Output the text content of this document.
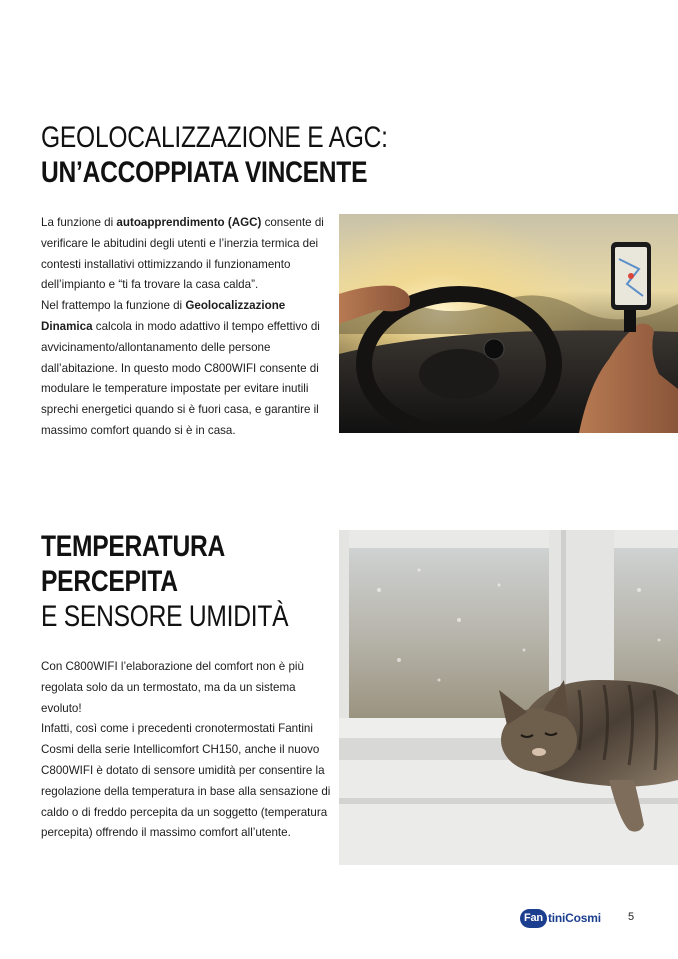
GEOLOCALIZZAZIONE E AGC:
UN’ACCOPPIATA VINCENTE

La funzione di autoapprendimento (AGC) consente di verificare le abitudini degli utenti e l’inerzia termica dei contesti installativi ottimizzando il funzionamento dell’impianto e “ti fa trovare la casa calda”.

Nel frattempo la funzione di Geolocalizzazione Dinamica calcola in modo adattivo il tempo effettivo di avvicinamento/allontanamento delle persone dall’abitazione. In questo modo C800WIFI consente di modulare le temperature impostate per evitare inutili sprechi energetici quando si è fuori casa, e garantire il massimo comfort quando si è in casa.

TEMPERATURA
PERCEPITA
E SENSORE UMIDITÀ

Con C800WIFI l’elaborazione del comfort non è più regolata solo da un termostato, ma da un sistema evoluto!

Infatti, così come i precedenti cronotermostati Fantini Cosmi della serie Intellicomfort CH150, anche il nuovo C800WIFI è dotato di sensore umidità per consentire la regolazione della temperatura in base alla sensazione di caldo o di freddo percepita da un soggetto (temperatura percepita) offrendo il massimo comfort all’utente.

Fan tiniCosmi 5
